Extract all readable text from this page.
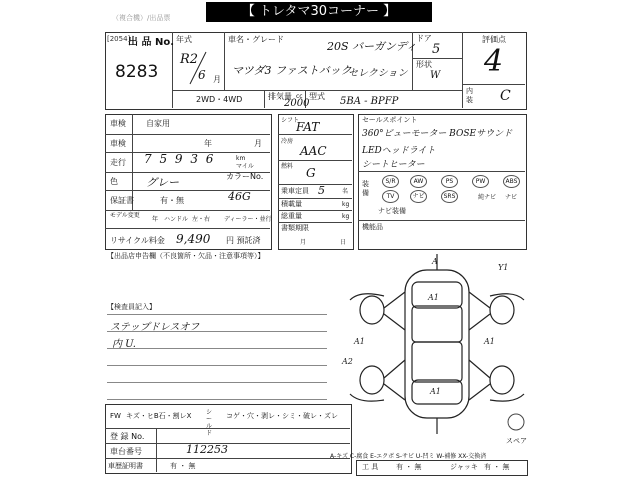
【 トレタマ30コーナー 】
（複合機）/出品票
[2054]
出 品 No.
8283
年式
R2
6 月
車名・グレード
20S バーガンディ
マツダ3 ファストバック
セレクション
ドア
5
形状
W
評価点
4
内装	C
2WD・4WD	排気量 cc
2000
型式 5BA - BPFP
車検	自家用
車検	年	月
走行 7 5 9 3 6	km
マイル
色	グレー	カラーNo.
46G
保証書	有・無
モデル変更
年 ハンドル 左・右 ディーラー・並行
リサイクル料金 9,490 円 預託済
シフト
FAT
冷房
AAC
燃料 G
乗車定員 5	名
積載量	kg
総重量	kg
書類期限
月	日
セールスポイント
360°ビューモーター BOSEサウンド
LEDヘッドライト
シートヒーター
装備
S/R	AW	PS	PW	ABS
TV	ナビ	SRS	純ナビ ナビ
ナビ装備
機能品
【出品店申告欄（不良箇所・欠品・注意事項等）】
【検査員記入】
ステップドレスオフ
内 U.
A
A1
A1	A1
A2
A1
Y1
スペア
FW キズ・ヒB石・割レX シールド
コゲ・穴・剥レ・シミ・破レ・ズレ
登 録 No.
車台番号	112253
車歴証明書	有 ・ 無
A-キズ C-腐食 E-エクボ S-サビ U-凹ミ W-補修 XX-交換済
工 具	有 ・ 無	ジャッキ 有 ・ 無
